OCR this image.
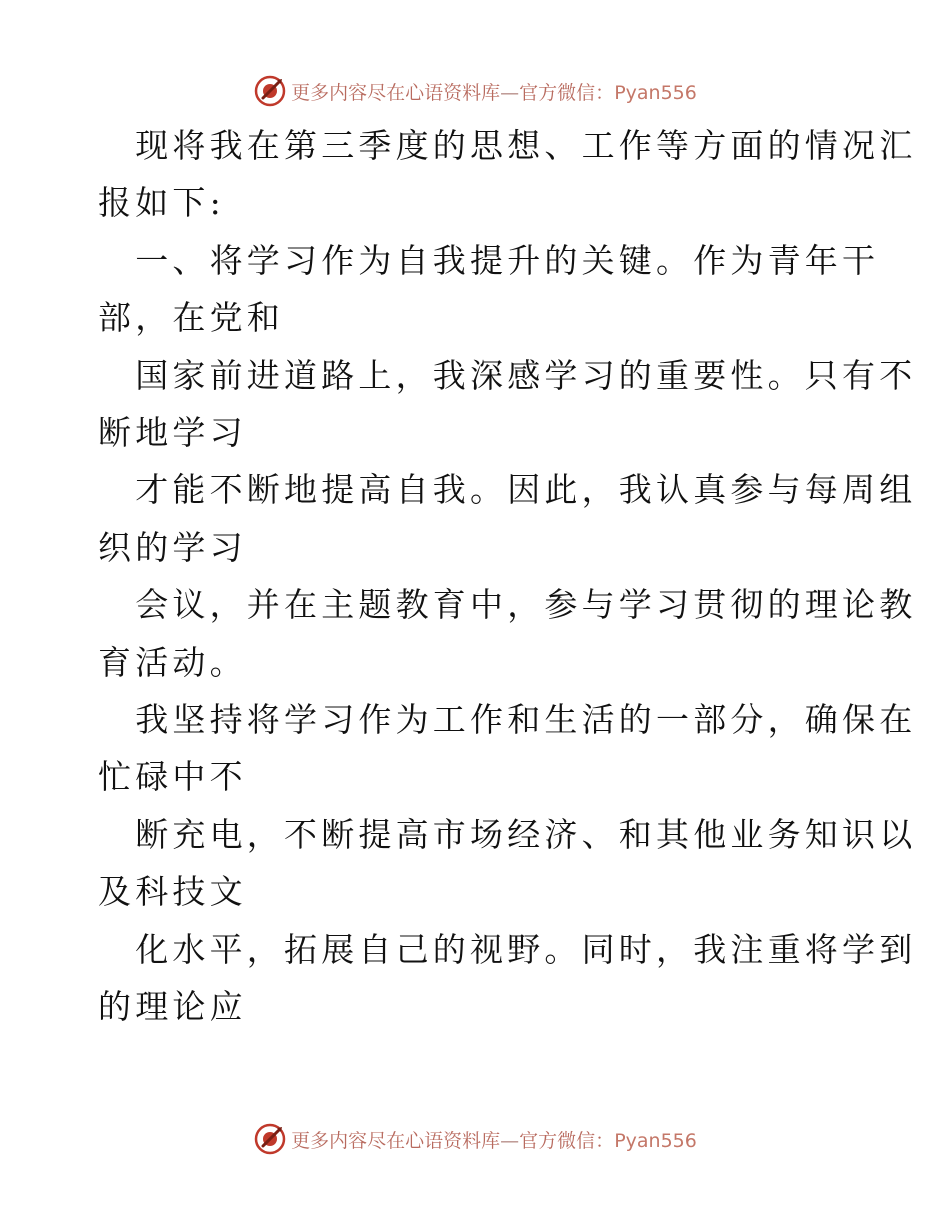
更多内容尽在心语资料库—官方微信：Pyan556
　现将我在第三季度的思想、工作等方面的情况汇
报如下:
　一、将学习作为自我提升的关键。作为青年干
部，在党和
　国家前进道路上，我深感学习的重要性。只有不
断地学习
　才能不断地提高自我。因此，我认真参与每周组
织的学习
　会议，并在主题教育中，参与学习贯彻的理论教
育活动。
　我坚持将学习作为工作和生活的一部分，确保在
忙碌中不
　断充电，不断提高市场经济、和其他业务知识以
及科技文
　化水平，拓展自己的视野。同时，我注重将学到
的理论应
更多内容尽在心语资料库—官方微信：Pyan556
